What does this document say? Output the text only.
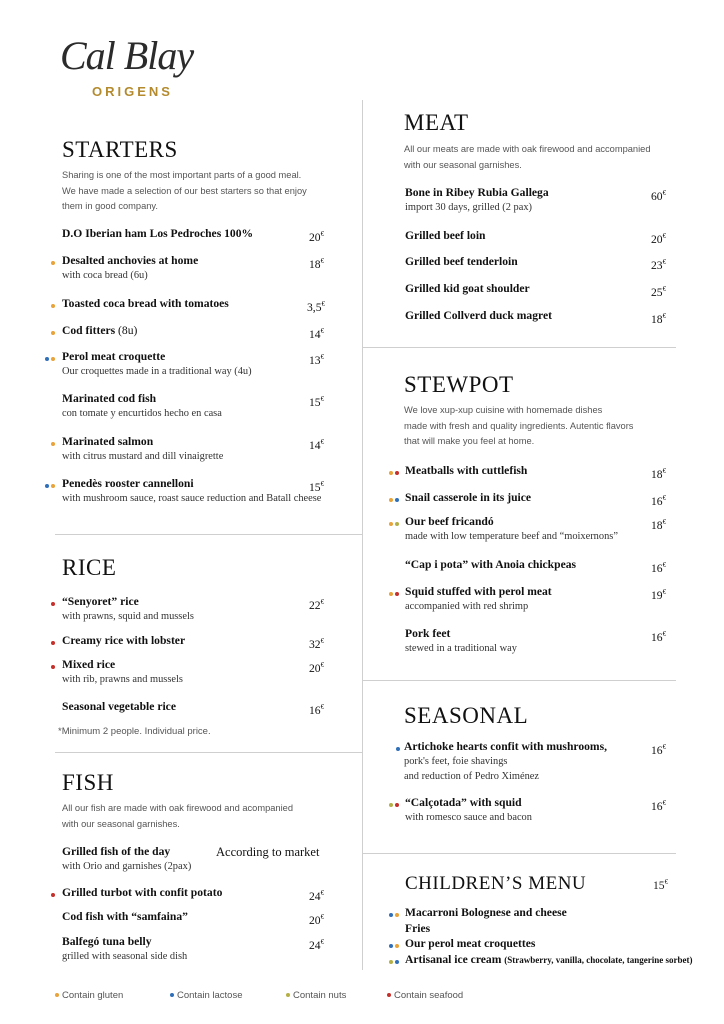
Cal Blay
ORIGENS
STARTERS
Sharing is one of the most important parts of a good meal.
We have made a selection of our best starters so that enjoy
them in good company.
D.O Iberian ham Los Pedroches 100%	20€
Desalted anchovies at home
with coca bread (6u)
18€
Toasted coca bread with tomatoes	3,5€
Cod fitters (8u)	14€
Perol meat croquette
Our croquettes made in a traditional way (4u)
13€
Marinated cod fish
con tomate y encurtidos hecho en casa
15€
Marinated salmon
with citrus mustard and dill vinaigrette
14€
Penedès rooster cannelloni
with mushroom sauce, roast sauce reduction and Batall cheese
15€
RICE
“Senyoret” rice
with prawns, squid and mussels
22€
Creamy rice with lobster	32€
Mixed rice
with rib, prawns and mussels
20€
Seasonal vegetable rice	16€
*Minimum 2 people. Individual price.
FISH
All our fish are made with oak firewood and acompanied
with our seasonal garnishes.
Grilled fish of the day
with Orio and garnishes (2pax)
According to market
Grilled turbot with confit potato	24€
Cod fish with “samfaina”	20€
Balfegó tuna belly
grilled with seasonal side dish
24€
MEAT
All our meats are made with oak firewood and accompanied
with our seasonal garnishes.
Bone in Ribey Rubia Gallega
import 30 days, grilled (2 pax)
60€
Grilled beef loin	20€
Grilled beef tenderloin	23€
Grilled kid goat shoulder	25€
Grilled Collverd duck magret	18€
STEWPOT
We love xup-xup cuisine with homemade dishes
made with fresh and quality ingredients. Autentic flavors
that will make you feel at home.
Meatballs with cuttlefish	18€
Snail casserole in its juice	16€
Our beef fricandó
made with low temperature beef and “moixernons”
18€
“Cap i pota” with Anoia chickpeas	16€
Squid stuffed with perol meat
accompanied with red shrimp
19€
Pork feet
stewed in a traditional way
16€
SEASONAL
Artichoke hearts confit with mushrooms,
pork's feet, foie shavings
and reduction of Pedro Ximénez
16€
“Calçotada” with squid
with romesco sauce and bacon
16€
CHILDREN’S MENU	15€
Macarroni Bolognese and cheese
Fries
Our perol meat croquettes
Artisanal ice cream (Strawberry, vanilla, chocolate, tangerine sorbet)
Contain gluten	Contain lactose	Contain nuts	Contain seafood
